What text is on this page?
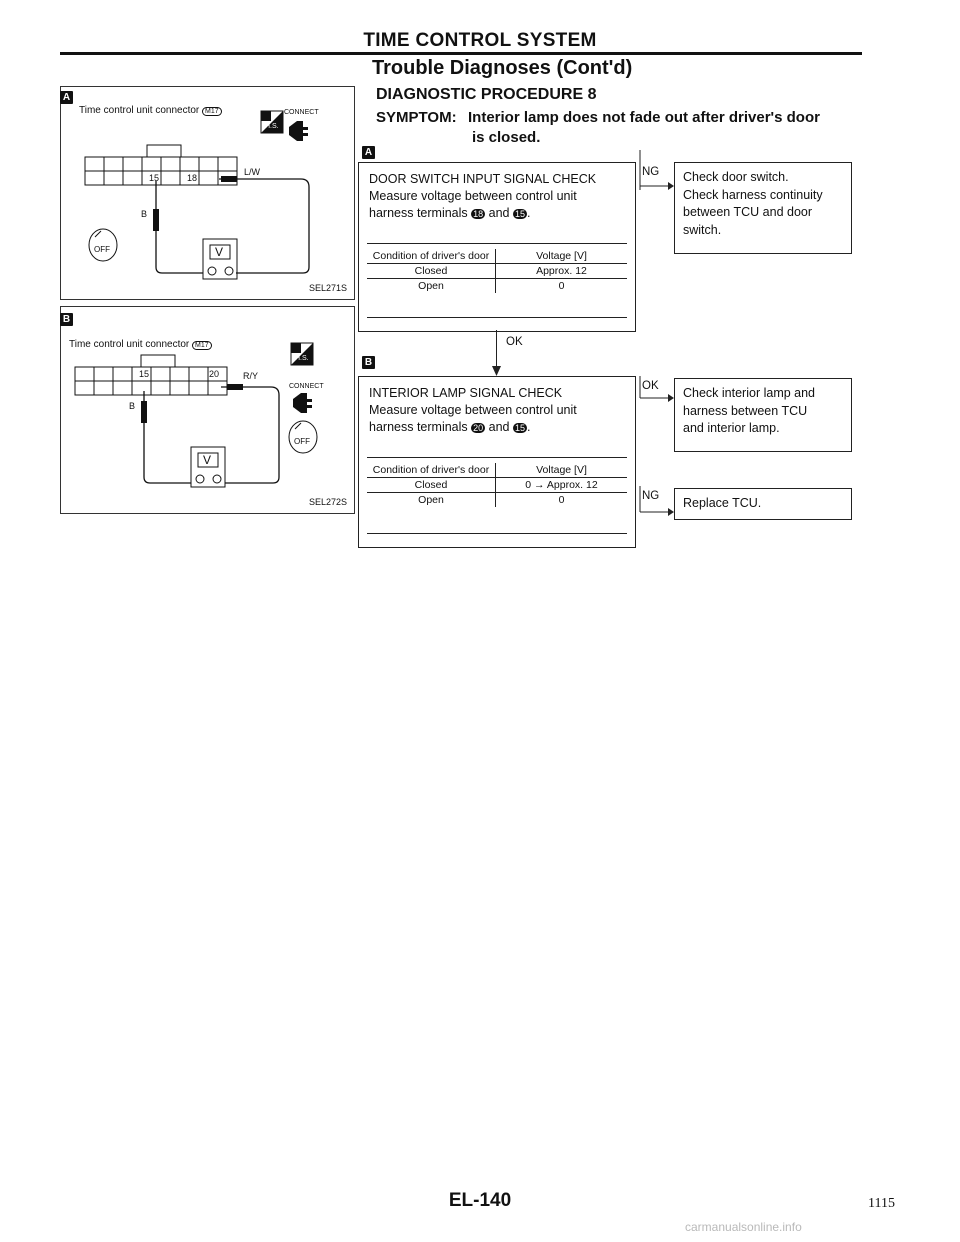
TIME CONTROL SYSTEM
Trouble Diagnoses (Cont'd)
DIAGNOSTIC PROCEDURE 8
SYMPTOM: Interior lamp does not fade out after driver's door
is closed.
A
Time control unit connector M17	CONNECT
H.S.
15	18
L/W
B
V
OFF
SEL271S
B
Time control unit connector M17
CONNECT
H.S.
15	20	R/Y
B
V
OFF
SEL272S
A
DOOR SWITCH INPUT SIGNAL CHECK
Measure voltage between control unit
harness terminals 18 and 15 .
Condition of driver's door	Voltage [V]
Closed	Approx. 12
Open	0
NG Check door switch.
Check harness continuity
between TCU and door
switch.
OK
B
INTERIOR LAMP SIGNAL CHECK
Measure voltage between control unit
harness terminals 20 and 15 .
Condition of driver's door	Voltage [V]
Closed	0 → Approx. 12
Open	0
OK Check interior lamp and
harness between TCU
and interior lamp.
NG Replace TCU.
EL-140	1115
carmanualsonline.info
